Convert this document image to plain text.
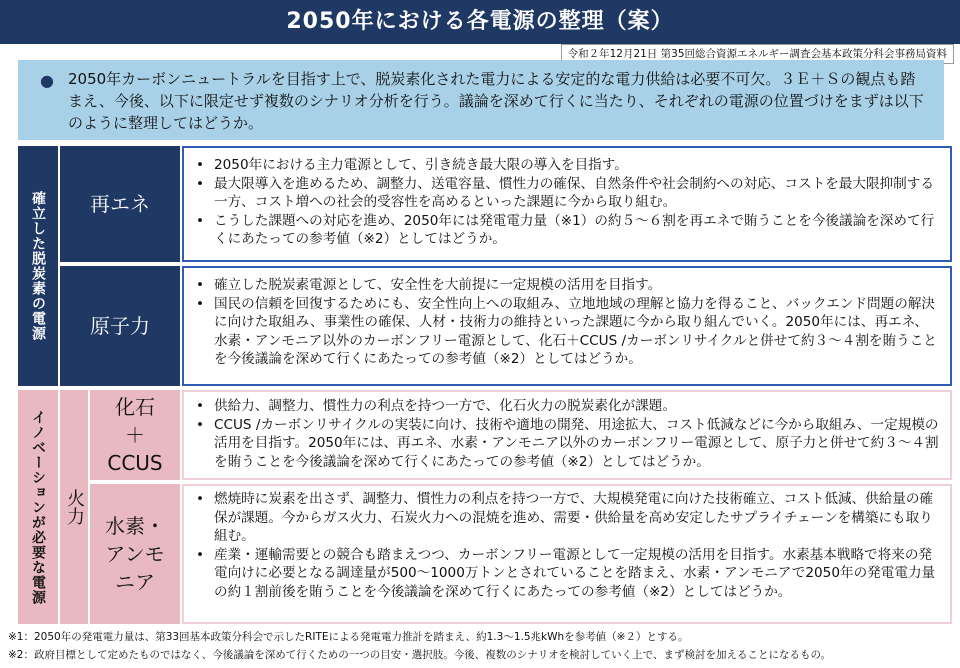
2050年における各電源の整理（案）
令和２年12月21日 第35回総合資源エネルギー調査会基本政策分科会事務局資料
● 2050年カーボンニュートラルを目指す上で、脱炭素化された電力による安定的な電力供給は必要不可欠。３Ｅ＋Ｓの観点も踏まえ、今後、以下に限定せず複数のシナリオ分析を行う。議論を深めて行くに当たり、それぞれの電源の位置づけをまずは以下のように整理してはどうか。
確立した脱炭素の電源	再エネ
• 2050年における主力電源として、引き続き最大限の導入を目指す。
• 最大限導入を進めるため、調整力、送電容量、慣性力の確保、自然条件や社会制約への対応、コストを最大限抑制する一方、コスト増への社会的受容性を高めるといった課題に今から取り組む。
• こうした課題への対応を進め、2050年には発電電力量（※1）の約５～６割を再エネで賄うことを今後議論を深めて行くにあたっての参考値（※2）としてはどうか。
原子力
• 確立した脱炭素電源として、安全性を大前提に一定規模の活用を目指す。
• 国民の信頼を回復するためにも、安全性向上への取組み、立地地域の理解と協力を得ること、バックエンド問題の解決に向けた取組み、事業性の確保、人材・技術力の維持といった課題に今から取り組んでいく。2050年には、再エネ、水素・アンモニア以外のカーボンフリー電源として、化石＋CCUS /カーボンリサイクルと併せて約３～４割を賄うことを今後議論を深めて行くにあたっての参考値（※2）としてはどうか。
イノベーションが必要な電源	火力
化石
＋
CCUS
• 供給力、調整力、慣性力の利点を持つ一方で、化石火力の脱炭素化が課題。
• CCUS /カーボンリサイクルの実装に向け、技術や適地の開発、用途拡大、コスト低減などに今から取組み、一定規模の活用を目指す。2050年には、再エネ、水素・アンモニア以外のカーボンフリー電源として、原子力と併せて約３～４割を賄うことを今後議論を深めて行くにあたっての参考値（※2）としてはどうか。
水素・
アンモ
ニア
• 燃焼時に炭素を出さず、調整力、慣性力の利点を持つ一方で、大規模発電に向けた技術確立、コスト低減、供給量の確保が課題。今からガス火力、石炭火力への混焼を進め、需要・供給量を高め安定したサプライチェーンを構築にも取り組む。
• 産業・運輸需要との競合も踏まえつつ、カーボンフリー電源として一定規模の活用を目指す。水素基本戦略で将来の発電向けに必要となる調達量が500～1000万トンとされていることを踏まえ、水素・アンモニアで2050年の発電電力量の約１割前後を賄うことを今後議論を深めて行くにあたっての参考値（※2）としてはどうか。
※1：2050年の発電電力量は、第33回基本政策分科会で示したRITEによる発電電力推計を踏まえ、約1.3～1.5兆kWhを参考値（※２）とする。
※2：政府目標として定めたものではなく、今後議論を深めて行くための一つの目安・選択肢。今後、複数のシナリオを検討していく上で、まず検討を加えることになるもの。
